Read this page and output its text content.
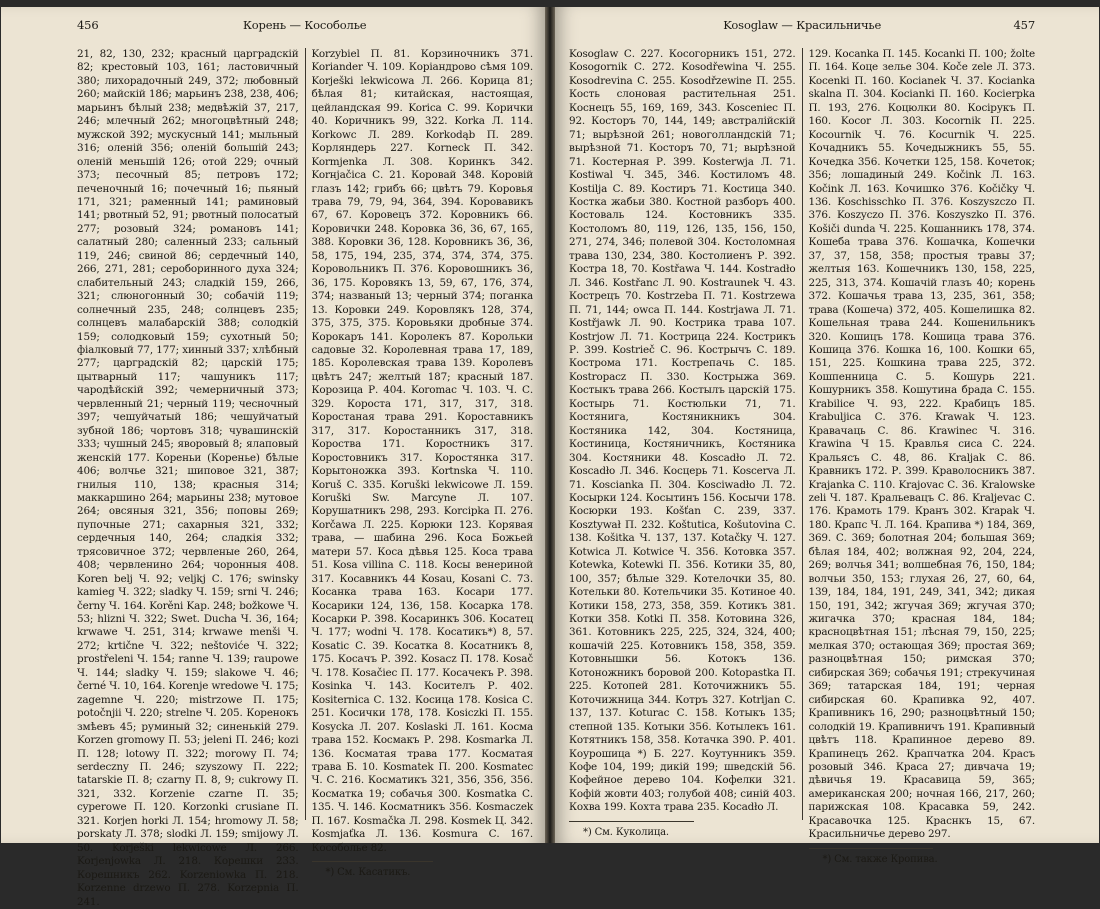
456	Корень — Кособолье
21, 82, 130, 232; красный царградскій 82; крестовый 103, 161; ластовичный 380; лихорадочный 249, 372; любовный 260; майскій 186; марьинъ 238, 238, 406; марьинъ бѣлый 238; медвѣжій 37, 217, 246; млечный 262; многоцвѣтный 248; мужской 392; мускусный 141; мыльный 316; оленій 356; оленій большій 243; оленій меньшій 126; отой 229; очный 373; песочный 85; петровъ 172; печеночный 16; почечный 16; пьяный 171, 321; раменный 141; раминовый 141; рвотный 52, 91; рвотный полосатый 277; розовый 324; романовъ 141; салатный 280; саленный 233; сальный 119, 246; свиной 86; сердечный 140, 266, 271, 281; сероборинного духа 324; слабительный 243; сладкій 159, 266, 321; слюногонный 30; собачій 119; солнечный 235, 248; солнцевъ 235; солнцевъ малабарскій 388; солодкій 159; солодковый 159; сухотный 50; фіалковый 77, 177; хинный 337; хлѣбный 277; царградскій 82; царскій 175; цытварный 117; чашуникъ 117; чародѣйскій 392; чемерничный 373; червленный 21; черный 119; чесночный 397; чешуйчатый 186; чешуйчатый зубной 186; чортовъ 318; чувашинскій 333; чушный 245; яворовый 8; ялаповый женскій 177. Кореньи (Коренье) бѣлые 406; волчье 321; шиповое 321, 387; гнилыя 110, 138; красныя 314; маккаршино 264; марьины 238; мутовое 264; овсяныя 321, 356; поповы 269; пупочные 271; сахарныя 321, 332; сердечныя 140, 264; сладкія 332; трясовичное 372; червленые 260, 264, 408; червленино 264; чоронныя 408. Koren belj Ч. 92; veljkj С. 176; swinsky kamieg Ч. 322; sladky Ч. 159; srni Ч. 246; černy Ч. 164. Korěni Kap. 248; božkowe Ч. 53; hlizni Ч. 322; Swet. Ducha Ч. 36, 164; krwawe Ч. 251, 314; krwawe menši Ч. 272; krtične Ч. 322; neštoviće Ч. 322; prostřeleni Ч. 154; ranne Ч. 139; raupowe Ч. 144; sladky Ч. 159; slakowe Ч. 46; černé Ч. 10, 164. Korenje wredowe Ч. 175; zagemne Ч. 220; mistrzowe П. 175; potočnjii Ч. 220; strelne Ч. 205. Коренокъ змѣевъ 45; руминый 32; синенькій 279. Korzen gromowy П. 53; jeleni П. 246; kozi П. 128; lotowy П. 322; morowy П. 74; serdeczny П. 246; szyszowy П. 222; tatarskie П. 8; czarny П. 8, 9; cukrowy П. 321, 332. Korzenie czarne П. 35; cyperowe П. 120. Korzonki crusiane П. 321. Korjen horki Л. 154; hromowy Л. 58; porskaty Л. 378; slodki Л. 159; smijowy Л. 50. Korješki lekwicowe Л. 266. Korjenjowka Л. 218. Корешки 233. Корешникъ 262. Korzeniowka П. 218. Korzenne drzewo П. 278. Korzepnia П. 241.
Korzybiel П. 81. Корзиночникъ 371. Koriander Ч. 109. Коріандрово сѣмя 109. Korješki lekwicowa Л. 266. Корица 81; бѣлая 81; китайская, настоящая, цейландская 99. Korica С. 99. Корички 40. Коричникъ 99, 322. Korka Л. 114. Korkowc Л. 289. Korkodąb П. 289. Корляндерь 227. Korneck П. 342. Kormjenka Л. 308. Коринкъ 342. Korнjačica С. 21. Коровай 348. Коровій глазъ 142; грибъ 66; цвѣтъ 79. Коровья трава 79, 79, 94, 364, 394. Коровавикъ 67, 67. Коровецъ 372. Коровникъ 66. Коровички 248. Коровка 36, 36, 67, 165, 388. Коровки 36, 128. Коровникъ 36, 36, 58, 175, 194, 235, 374, 374, 374, 375. Коровольникъ П. 376. Коровошникъ 36, 36, 175. Коровякъ 13, 59, 67, 176, 374, 374; названый 13; черный 374; поганка 13. Коровки 249. Коровлякъ 128, 374, 375, 375, 375. Коровьяки дробные 374. Корокаръ 141. Королекъ 87. Корольки садовые 32. Королевная трава 17, 189, 185. Королевская трава 139. Королевъ цвѣтъ 247; желтый 187; красный 187. Корозица Р. 404. Koromac Ч. 103. Ч. С. 329. Короста 171, 317, 317, 318. Коростаная трава 291. Короставникъ 317, 317. Коростанникъ 317, 318. Короства 171. Коростникъ 317. Коростовникъ 317. Коростянка 317. Корытоножка 393. Kortnska Ч. 110. Koruš С. 335. Koruški lekwicowe Л. 159. Koruški Sw. Marcyne Л. 107. Корушатникъ 298, 293. Korcipka П. 276. Korčawa Л. 225. Корюки 123. Корявая трава, — шабина 296. Коса Божьей матери 57. Коса дѣвья 125. Коса трава 51. Kosa villina С. 118. Косы венериной 317. Косавникъ 44 Kosau, Kosani С. 73. Косанка трава 163. Косари 177. Косарики 124, 136, 158. Косарка 178. Косарки Р. 398. Косаринкъ 306. Косатец Ч. 177; wodni Ч. 178. Косатикъ*) 8, 57. Kosatic С. 39. Косатка 8. Косатникъ 8, 175. Косачъ Р. 392. Kosacz П. 178. Kosač Ч. 178. Kosačiec П. 177. Косачекъ Р. 398. Kosinka Ч. 143. Косителъ Р. 402. Kositernica С. 132. Косица 178. Kosica С. 251. Косички 178, 178. Kosiczki П. 155. Kosycka Л. 207. Koslaski Л. 161. Косма трава 152. Космакъ Р. 298. Kosmarka Л. 136. Косматая трава 177. Косматая трава Б. 10. Kosmatek П. 200. Kosmatec Ч. С. 216. Косматикъ 321, 356, 356, 356. Косматка 19; собачья 300. Kosmatka С. 135. Ч. 146. Косматникъ 356. Kosmaczek П. 167. Kosmačka Л. 298. Kosmek Ц. 342. Kosmjaťka Л. 136. Kosmura С. 167. Кособолье 82.
*) См. Касатикъ.
Kosoglaw — Красильничье	457
Kosoglaw С. 227. Косогорникъ 151, 272. Kosogornik С. 272. Kosodřewina Ч. 255. Kosodrevina С. 255. Kosodřzewine П. 255. Кость слоновая растительная 251. Коснецъ 55, 169, 169, 343. Kosceniec П. 92. Косторъ 70, 144, 149; австралійскій 71; вырѣзной 261; новоголландскій 71; вырѣзной 71. Косторъ 70, 71; вырѣзной 71. Костерная Р. 399. Kosterwja Л. 71. Kostiwal Ч. 345, 346. Костиломъ 48. Kostilja С. 89. Костиръ 71. Костица 340. Костка жабьи 380. Костной разборъ 400. Костоваль 124. Костовникъ 335. Костоломъ 80, 119, 126, 135, 156, 150, 271, 274, 346; полевой 304. Костоломная трава 130, 234, 380. Костолиенъ Р. 392. Кострa 18, 70. Kostřawa Ч. 144. Kostradło Л. 346. Kostřanc Л. 90. Kostraunek Ч. 43. Кострецъ 70. Kostrzeba П. 71. Kostrzewa П. 71, 144; owca П. 144. Kostrjawa Л. 71. Kostřjawk Л. 90. Кострика трава 107. Kostrjow Л. 71. Кострица 224. Кострикъ Р. 399. Kostrieč С. 96. Кострычъ С. 189. Кострома 171. Кострепачь С. 185. Kostropacz П. 330. Кострыжа 369. Костыкъ трава 266. Костылъ царскій 175. Костырь 71. Костюльки 71, 71. Костянига, Костяникникъ 304. Костяника 142, 304. Костяница, Костиница, Костяничникъ, Костяника 304. Костяники 48. Koscadło Л. 72. Koscadło Л. 346. Косцерь 71. Koscerva Л. 71. Koscianka П. 304. Kosciwadło Л. 72. Косырки 124. Косытинъ 156. Косычи 178. Косюрки 193. Košťan С. 239, 337. Kosztywał П. 232. Koštutica, Košutovina С. 138. Košitka Ч. 137, 137. Kotačky Ч. 127. Kotwica Л. Kotwice Ч. 356. Котовка 357. Kotewka, Kotewki П. 356. Котики 35, 80, 100, 357; бѣлые 329. Котелочки 35, 80. Котельки 80. Котельчики 35. Котиное 40. Котики 158, 273, 358, 359. Котикъ 381. Котки 358. Kotki П. 358. Котовина 326, 361. Котовникъ 225, 225, 324, 324, 400; кошачій 225. Котовникъ 158, 358, 359. Котовнышки 56. Котокъ 136. Котоножникъ боровой 200. Kotopastka П. 225. Котопей 281. Коточижникъ 55. Коточижница 344. Котръ 327. Kotrljan С. 137, 137. Koturac С. 158. Котыкъ 135; степной 135. Котыки 356. Котылекъ 161. Котятникъ 158, 358. Котачка 390. Р. 401. Коурошица *) Б. 227. Коутунникъ 359. Кофе 104, 199; дикій 199; шведскій 56. Кофейное дерево 104. Кофелки 321. Кофій жовти 403; голубой 408; синій 403. Кохва 199. Кохта трава 235. Kocadło Л.
*) См. Куколица.
129. Косаnka П. 145. Kocanki П. 100; žolte П. 164. Коце зелье 304. Koče zele Л. 373. Kocenki П. 160. Kocianek Ч. 37. Kocianka skalna П. 304. Kocianki П. 160. Kocierpka П. 193, 276. Коцюлки 80. Косірукъ П. 160. Kocor Л. 303. Kocornik П. 225. Kocournik Ч. 76. Kocurnik Ч. 225. Кочадникъ 55. Кочедыжникъ 55, 55. Кочедка 356. Кочетки 125, 158. Кочеток; 356; лошадиный 249. Kočink Л. 163. Kočink Л. 163. Кочишко 376. Kočičky Ч. 136. Koschisschko П. 376. Koszyszczo П. 376. Koszyczo П. 376. Koszyszko П. 376. Коšiči dunda Ч. 225. Кошанникъ 178, 374. Кошеба трава 376. Кошачка, Кошечки 37, 37, 158, 358; простыя травы 37; желтыя 163. Кошечникъ 130, 158, 225, 225, 313, 374. Кошачій глазъ 40; корень 372. Кошачья трава 13, 235, 361, 358; трава (Кошеча) 372, 405. Кошелишка 82. Кошельная трава 244. Кошенильникъ 320. Кошицъ 178. Кошица трава 376. Кошица 376. Кошка 16, 100. Кошки 65, 151, 225. Кошкина трава 225, 372. Кошпенница С. 5. Кошурь 221. Кошурникъ 358. Кошутина брада С. 155. Krabilice Ч. 93, 222. Крабицъ 185. Krabuljica С. 376. Krawak Ч. 123. Кравачаць С. 86. Krawinec Ч. 316. Krawina Ч 15. Кравлья сиса С. 224. Кральясъ С. 48, 86. Kraljak С. 86. Кравникъ 172. Р. 399. Краволосникъ 387. Krajanka С. 110. Krajovac С. 36. Kralowske zeli Ч. 187. Кральевацъ С. 86. Kraljevac С. 176. Крамоть 179. Кранъ 302. Krapak Ч. 180. Крапс Ч. Л. 164. Крапива *) 184, 369, 369. С. 369; болотная 204; большая 369; бѣлая 184, 402; волжная 92, 204, 224, 269; волчья 341; волшебная 76, 150, 184; волчьи 350, 153; глухая 26, 27, 60, 64, 139, 184, 184, 191, 249, 341, 342; дикая 150, 191, 342; жгучая 369; жгучая 370; жигачка 370; красная 184, 184; красноцвѣтная 151; лѣсная 79, 150, 225; мелкая 370; остающая 369; простая 369; разноцвѣтная 150; римская 370; сибирская 369; собачья 191; стрекучиная 369; татарская 184, 191; черная сибирская 60. Крапивка 92, 407. Крапивникъ 16, 290; разноцвѣтный 150; солодкій 19. Крапивничъ 191. Крапивный цвѣтъ 118. Крапинное дерево 89. Крапинецъ 262. Крапчатка 204. Красъ розовый 346. Краса 27; дивчача 19; дѣвичья 19. Красавица 59, 365; американская 200; ночная 166, 217, 260; парижская 108. Красавка 59, 242. Красавочка 125. Краснкъ 15, 67. Красильничье дерево 297.
*) См. также Кропива.
